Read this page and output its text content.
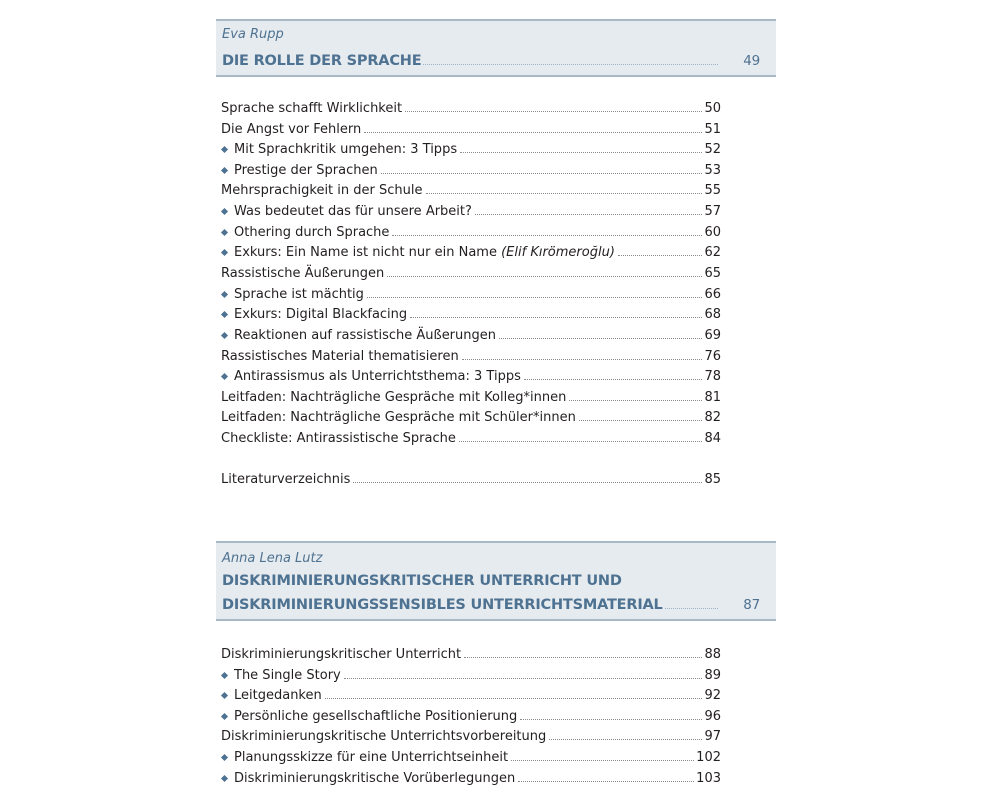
Eva Rupp
DIE ROLLE DER SPRACHE	49
Sprache schafft Wirklichkeit	50
Die Angst vor Fehlern	51
Mit Sprachkritik umgehen: 3 Tipps	52
Prestige der Sprachen	53
Mehrsprachigkeit in der Schule	55
Was bedeutet das für unsere Arbeit?	57
Othering durch Sprache	60
Exkurs: Ein Name ist nicht nur ein Name (Elif Kırömeroğlu)	62
Rassistische Äußerungen	65
Sprache ist mächtig	66
Exkurs: Digital Blackfacing	68
Reaktionen auf rassistische Äußerungen	69
Rassistisches Material thematisieren	76
Antirassismus als Unterrichtsthema: 3 Tipps	78
Leitfaden: Nachträgliche Gespräche mit Kolleg*innen	81
Leitfaden: Nachträgliche Gespräche mit Schüler*innen	82
Checkliste: Antirassistische Sprache	84
Literaturverzeichnis	85
Anna Lena Lutz
DISKRIMINIERUNGSKRITISCHER UNTERRICHT UND
DISKRIMINIERUNGSSENSIBLES UNTERRICHTSMATERIAL	87
Diskriminierungskritischer Unterricht	88
The Single Story	89
Leitgedanken	92
Persönliche gesellschaftliche Positionierung	96
Diskriminierungskritische Unterrichtsvorbereitung	97
Planungsskizze für eine Unterrichtseinheit	102
Diskriminierungskritische Vorüberlegungen	103
